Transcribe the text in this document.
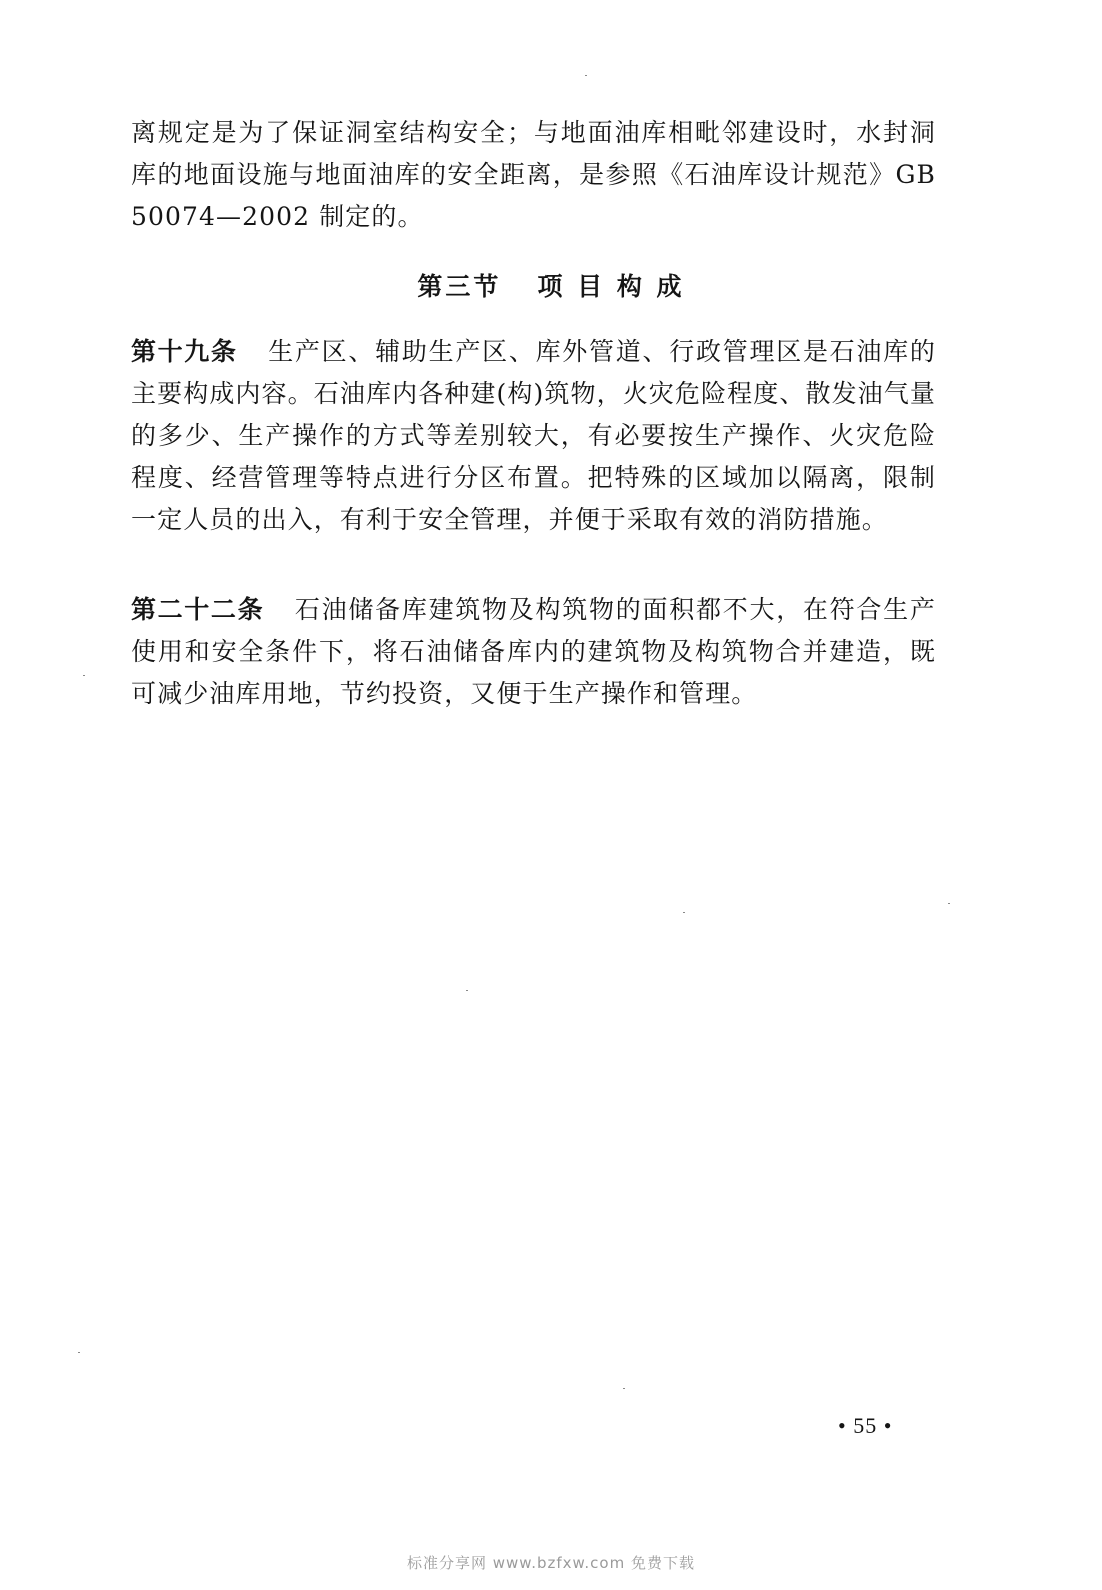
离规定是为了保证洞室结构安全；与地面油库相毗邻建设时，水封洞库的地面设施与地面油库的安全距离，是参照《石油库设计规范》GB 50074—2002 制定的。

第三节 项 目 构 成

第十九条 生产区、辅助生产区、库外管道、行政管理区是石油库的主要构成内容。石油库内各种建(构)筑物，火灾危险程度、散发油气量的多少、生产操作的方式等差别较大，有必要按生产操作、火灾危险程度、经营管理等特点进行分区布置。把特殊的区域加以隔离，限制一定人员的出入，有利于安全管理，并便于采取有效的消防措施。

第二十二条 石油储备库建筑物及构筑物的面积都不大，在符合生产使用和安全条件下，将石油储备库内的建筑物及构筑物合并建造，既可减少油库用地，节约投资，又便于生产操作和管理。

• 55 •
标准分享网 www.bzfxw.com 免费下载
